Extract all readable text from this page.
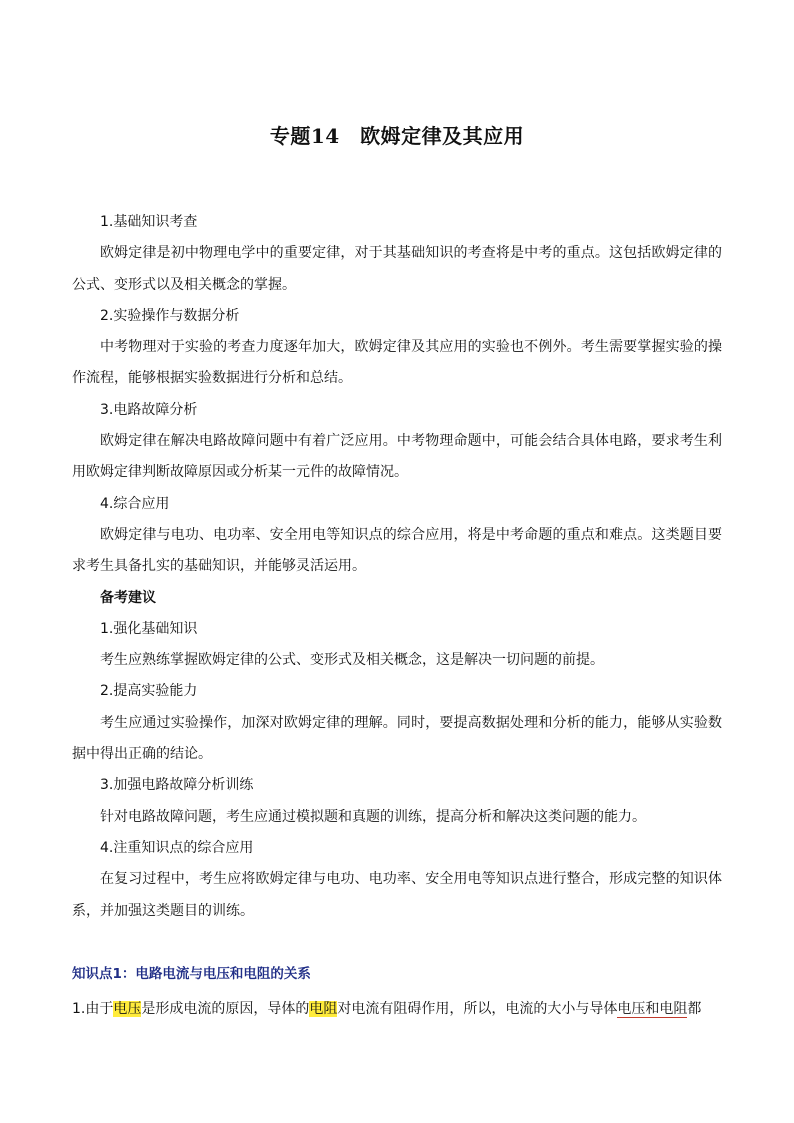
专题14　欧姆定律及其应用

1.基础知识考查

欧姆定律是初中物理电学中的重要定律，对于其基础知识的考查将是中考的重点。这包括欧姆定律的公式、变形式以及相关概念的掌握。

2.实验操作与数据分析

中考物理对于实验的考查力度逐年加大，欧姆定律及其应用的实验也不例外。考生需要掌握实验的操作流程，能够根据实验数据进行分析和总结。

3.电路故障分析

欧姆定律在解决电路故障问题中有着广泛应用。中考物理命题中，可能会结合具体电路，要求考生利用欧姆定律判断故障原因或分析某一元件的故障情况。

4.综合应用

欧姆定律与电功、电功率、安全用电等知识点的综合应用，将是中考命题的重点和难点。这类题目要求考生具备扎实的基础知识，并能够灵活运用。

备考建议

1.强化基础知识

考生应熟练掌握欧姆定律的公式、变形式及相关概念，这是解决一切问题的前提。

2.提高实验能力

考生应通过实验操作，加深对欧姆定律的理解。同时，要提高数据处理和分析的能力，能够从实验数据中得出正确的结论。

3.加强电路故障分析训练

针对电路故障问题，考生应通过模拟题和真题的训练，提高分析和解决这类问题的能力。

4.注重知识点的综合应用

在复习过程中，考生应将欧姆定律与电功、电功率、安全用电等知识点进行整合，形成完整的知识体系，并加强这类题目的训练。

知识点1：电路电流与电压和电阻的关系
1.由于电压是形成电流的原因，导体的电阻对电流有阻碍作用，所以，电流的大小与导体电压和电阻都
